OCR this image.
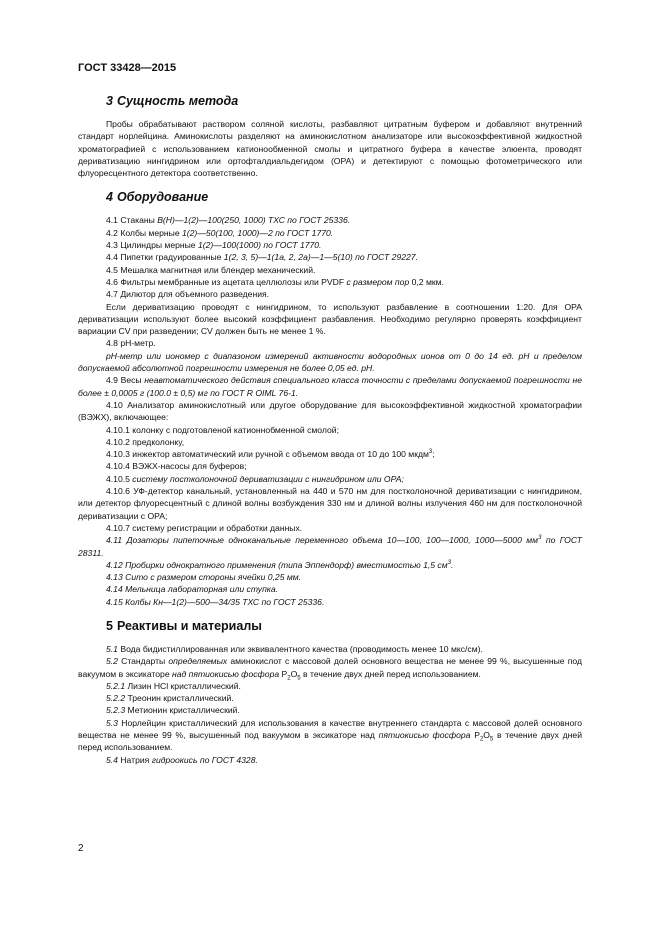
ГОСТ 33428—2015
3 Сущность метода

Пробы обрабатывают раствором соляной кислоты, разбавляют цитратным буфером и добавляют внутренний стандарт норлейцина. Аминокислоты разделяют на аминокислотном анализаторе или высокоэффективной жидкостной хроматографией с использованием катионообменной смолы и цитратного буфера в качестве элюента, проводят дериватизацию нингидрином или ортофталдиальдегидом (OPA) и детектируют с помощью фотометрического или флуоресцентного детектора соответственно.

4 Оборудование

4.1 Стаканы В(Н)—1(2)—100(250, 1000) ТХС по ГОСТ 25336.

4.2 Колбы мерные 1(2)—50(100, 1000)—2 по ГОСТ 1770.

4.3 Цилиндры мерные 1(2)—100(1000) по ГОСТ 1770.

4.4 Пипетки градуированные 1(2, 3, 5)—1(1а, 2, 2а)—1—5(10) по ГОСТ 29227.

4.5 Мешалка магнитная или блендер механический.

4.6 Фильтры мембранные из ацетата целлюлозы или PVDF с размером пор 0,2 мкм.

4.7 Дилютор для объемного разведения.

Если дериватизацию проводят с нингидрином, то используют разбавление в соотношении 1:20. Для OPA дериватизации используют более высокий коэффициент разбавления. Необходимо регулярно проверять коэффициент вариации CV при разведении; CV должен быть не менее 1 %.

4.8 pH-метр.

pH-метр или иономер с диапазоном измерений активности водородных ионов от 0 до 14 ед. pH и пределом допускаемой абсолютной погрешности измерения не более 0,05 ед. pH.

4.9 Весы неавтоматического действия специального класса точности с пределами допускаемой погрешности не более ± 0,0005 г (100.0 ± 0,5) мг по ГОСТ R OIML 76-1.

4.10 Анализатор аминокислотный или другое оборудование для высокоэффективной жидкостной хроматографии (ВЭЖХ), включающее:

4.10.1 колонку с подготовленой катионнобменной смолой;

4.10.2 предколонку,

4.10.3 инжектор автоматический или ручной с объемом ввода от 10 до 100 мкдм$^3$;

4.10.4 ВЭЖХ-насосы для буферов;

4.10.5 систему постколоночной дериватизации с нингидрином или OPA;

4.10.6 УФ-детектор канальный, установленный на 440 и 570 нм для постколоночной дериватизации с нингидрином, или детектор флуоресцентный с длиной волны возбуждения 330 нм и длиной волны излучения 460 нм для постколоночной дериватизации с OPA;

4.10.7 систему регистрации и обработки данных.

4.11 Дозаторы пипеточные одноканальные переменного объема 10—100, 100—1000, 1000—5000 $мм^3$ по ГОСТ 28311.

4.12 Пробирки однократного применения (типа Эппендорф) вместимостью 1,5 $см^3$.

4.13 Сито с размером стороны ячейки 0,25 мм.

4.14 Мельница лабораторная или ступка.

4.15 Колбы Кн—1(2)—500—34/35 ТХС по ГОСТ 25336.

5 Реактивы и материалы

5.1 Вода бидистиллированная или эквивалентного качества (проводимость менее 10 мкс/см).

5.2 Стандарты определяемых аминокислот с массовой долей основного вещества не менее 99 %, высушенные под вакуумом в эксикаторе над пятиокисью фосфора $P_2O_5$ в течение двух дней перед использованием.

5.2.1 Лизин HCl кристаллический.

5.2.2 Треонин кристаллический.

5.2.3 Метионин кристаллический.

5.3 Норлейцин кристаллический для использования в качестве внутреннего стандарта с массовой долей основного вещества не менее 99 %, высушенный под вакуумом в эксикаторе над пятиокисью фосфора $P_2O_5$ в течение двух дней перед использованием.

5.4 Натрия гидроокись по ГОСТ 4328.

2
